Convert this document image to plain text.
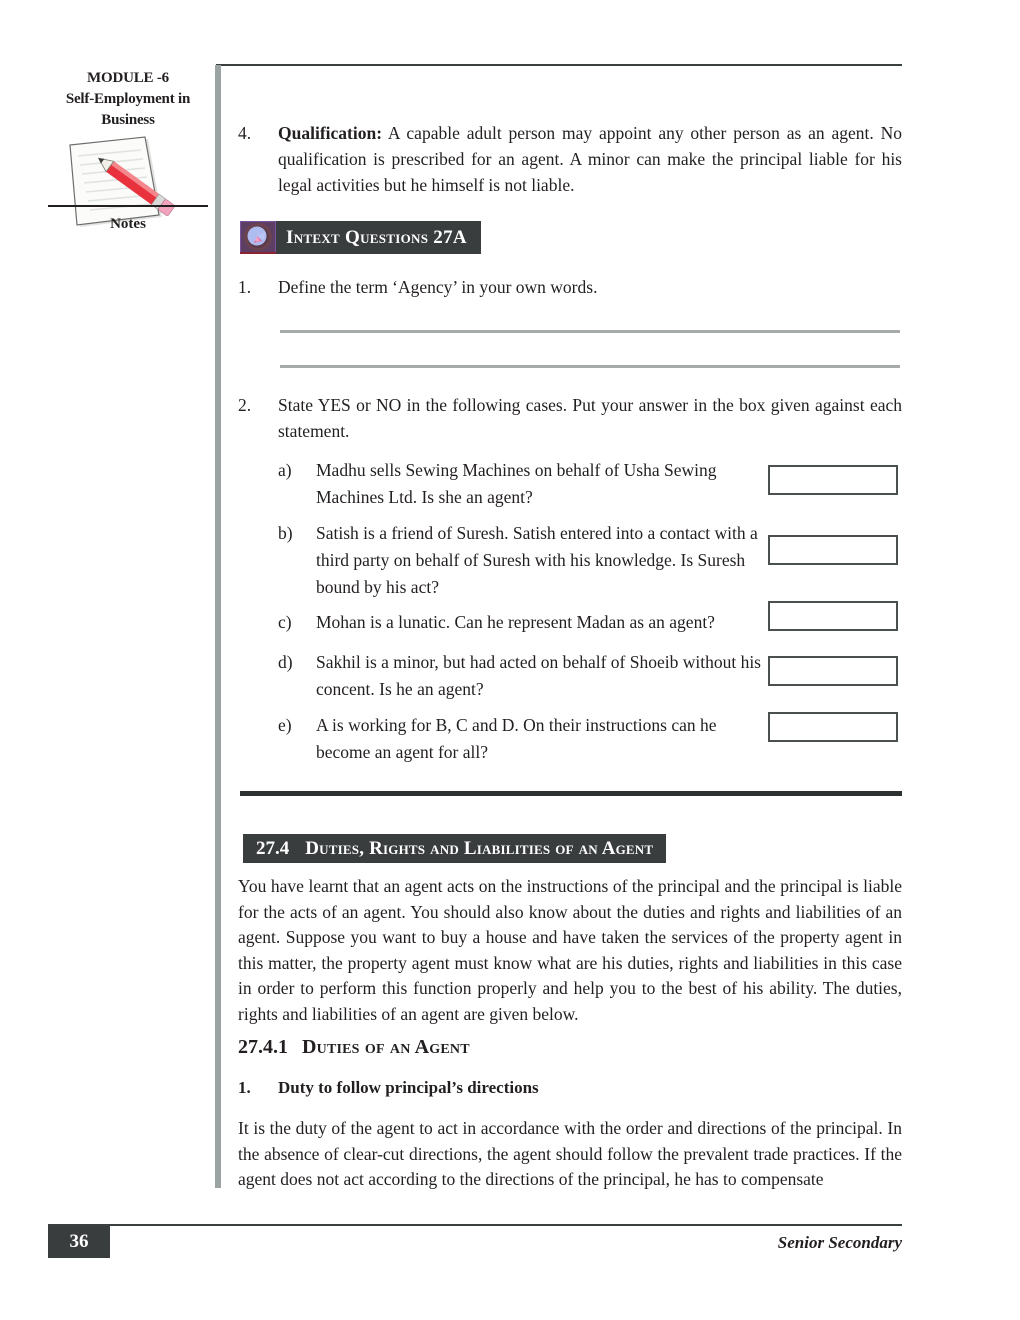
MODULE -6
Self-Employment in
Business
Notes
4.	Qualification: A capable adult person may appoint any other person as an agent. No qualification is prescribed for an agent. A minor can make the principal liable for his legal activities but he himself is not liable.
Intext Questions 27A
1.	Define the term ‘Agency’ in your own words.
2.	State YES or NO in the following cases. Put your answer in the box given against each statement.
a)	Madhu sells Sewing Machines on behalf of Usha Sewing Machines Ltd. Is she an agent?
b)	Satish is a friend of Suresh. Satish entered into a contact with a third party on behalf of Suresh with his knowledge. Is Suresh bound by his act?
c)	Mohan is a lunatic. Can he represent Madan as an agent?
d)	Sakhil is a minor, but had acted on behalf of Shoeib without his concent. Is he an agent?
e)	A is working for B, C and D. On their instructions can he become an agent for all?
27.4 Duties, Rights and Liabilities of an Agent
You have learnt that an agent acts on the instructions of the principal and the principal is liable for the acts of an agent. You should also know about the duties and rights and liabilities of an agent. Suppose you want to buy a house and have taken the services of the property agent in this matter, the property agent must know what are his duties, rights and liabilities in this case in order to perform this function properly and help you to the best of his ability. The duties, rights and liabilities of an agent are given below.
27.4.1 Duties of an Agent
1.	Duty to follow principal’s directions
It is the duty of the agent to act in accordance with the order and directions of the principal. In the absence of clear-cut directions, the agent should follow the prevalent trade practices. If the agent does not act according to the directions of the principal, he has to compensate
36	Senior Secondary
